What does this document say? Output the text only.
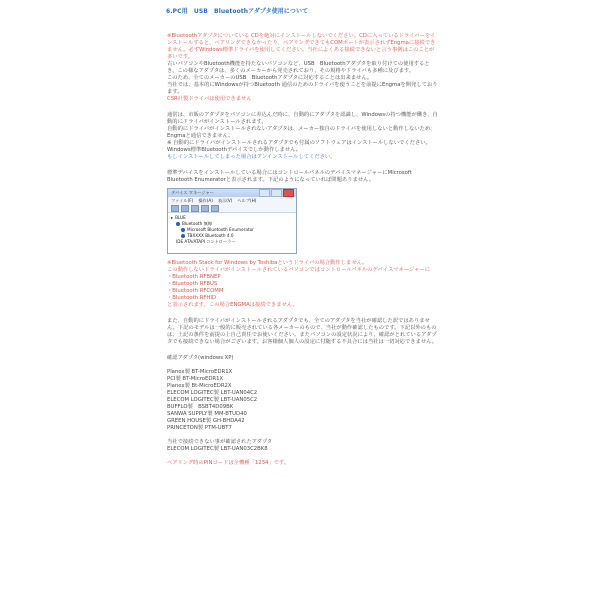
6.PC用　USB　Bluetoothアダプタ使用について

※Bluetoothアダプタについている CDを絶対にインストールしないでください。CDに入っているドライバーをインストールすると、ペアリングできなかったり、ペアリングできてもCOMポートが表示されずEngmaに接続できません。必ずWindows標準ドライバを使用してください。当社によくある接続できないと言う事例はこのことが多いです。

古いパソコンやBluetooth機能を持たないパソコンなど、USB　Bluetoothアダプタを取り付けての使用するとき、この様なアダプタは、多くのメーカーから発売されており、その規格やドライバも多種に及びます。
このため、全てのメーカーのUSB　Bluetoothアダプタに対応することは出来ません。
当社では、基本的にWindowsが持つBluetooth 通信のためのドライバを使うことを前提にEngmaを開発しております。

CSR社製ドライバは使用できません

通常は、市販のアダプタをパソコンに差込んだ時に、自動的にアダプタを認識し、Windowsの持つ機能が働き、自動的にドライバがインストールされます。
自動的にドライバがインストールされないアダプタは、メーカー独自のドライバを使用しないと動作しないため、Engmaと通信できません。
※ 自動的にドライバがインストールされるアダプタでも付属のソフトウェアはインストールしないでください。Windows標準Bluetoothデバイスでしか動作しません。

もしインストールしてしまった場合はアンインストールしてください。

標準デバイスをインストールしている場合にはコントロールパネルのデバイスマネージャーにMicrosoft Bluetooth Enumeratorと表示されます。下記のようになっていれば問題ありません。

デバイス マネージャー
ファイル(F) 操作(A) 表示(V) ヘルプ(H)
▸ BLUE
Bluetooth 無線
Microsoft Bluetooth Enumerator
TBXXXX Bluetooth 4.0
IDE ATA/ATAPI コントローラー

※Bluetooth Stack for Windows by Toshibaというドライバの場合動作しません。
この動作しないドライバがインストールされているパソコンではコントロールパネルのデバイスマネージャーに

・Bluetooth RFBNEP

・Bluetooth RFBUS

・Bluetooth RFCOMM

・Bluetooth RFHID

と表示されます。この場合ENGMAは接続できません。

また、自動的にドライバがインストールされるアダプタでも、全てのアダプタを当社が確認した訳ではありません。下記のモデルは一般的に販売されている各メーカーのもので、当社が動作確認したものです。下記以外のものは、上記の条件を前提の上自己責任でお使いください。またパソコンの設定状況により、確認がとれているアダプタでも接続できない場合がございます。お客様個人個人の設定に付随する不具合には当社は一切対応できません。

確認アダプタ(windows XP)

Planex製 BT-MicroEDR1X

PCI製 BT-MicroEDR1X

Planex製 Bt-MicroEDR2X

ELECOM LOGITEC製 LBT-UAN04C2

ELECOM LOGITEC製 LBT-UAN05C2

BUFFLO製　BSBT4D09BK

SANWA SUPPLY製 MM-BTUD40

GREEN HOUSE製 GH-BHDA42

PRINCETON製 PTM-UBT7

当社で接続できない事が確認されたアダプタ

ELECOM LOGITEC製 LBT-UAN03C2BK8

ペアリング時のPINコードは全機種「1234」です。
